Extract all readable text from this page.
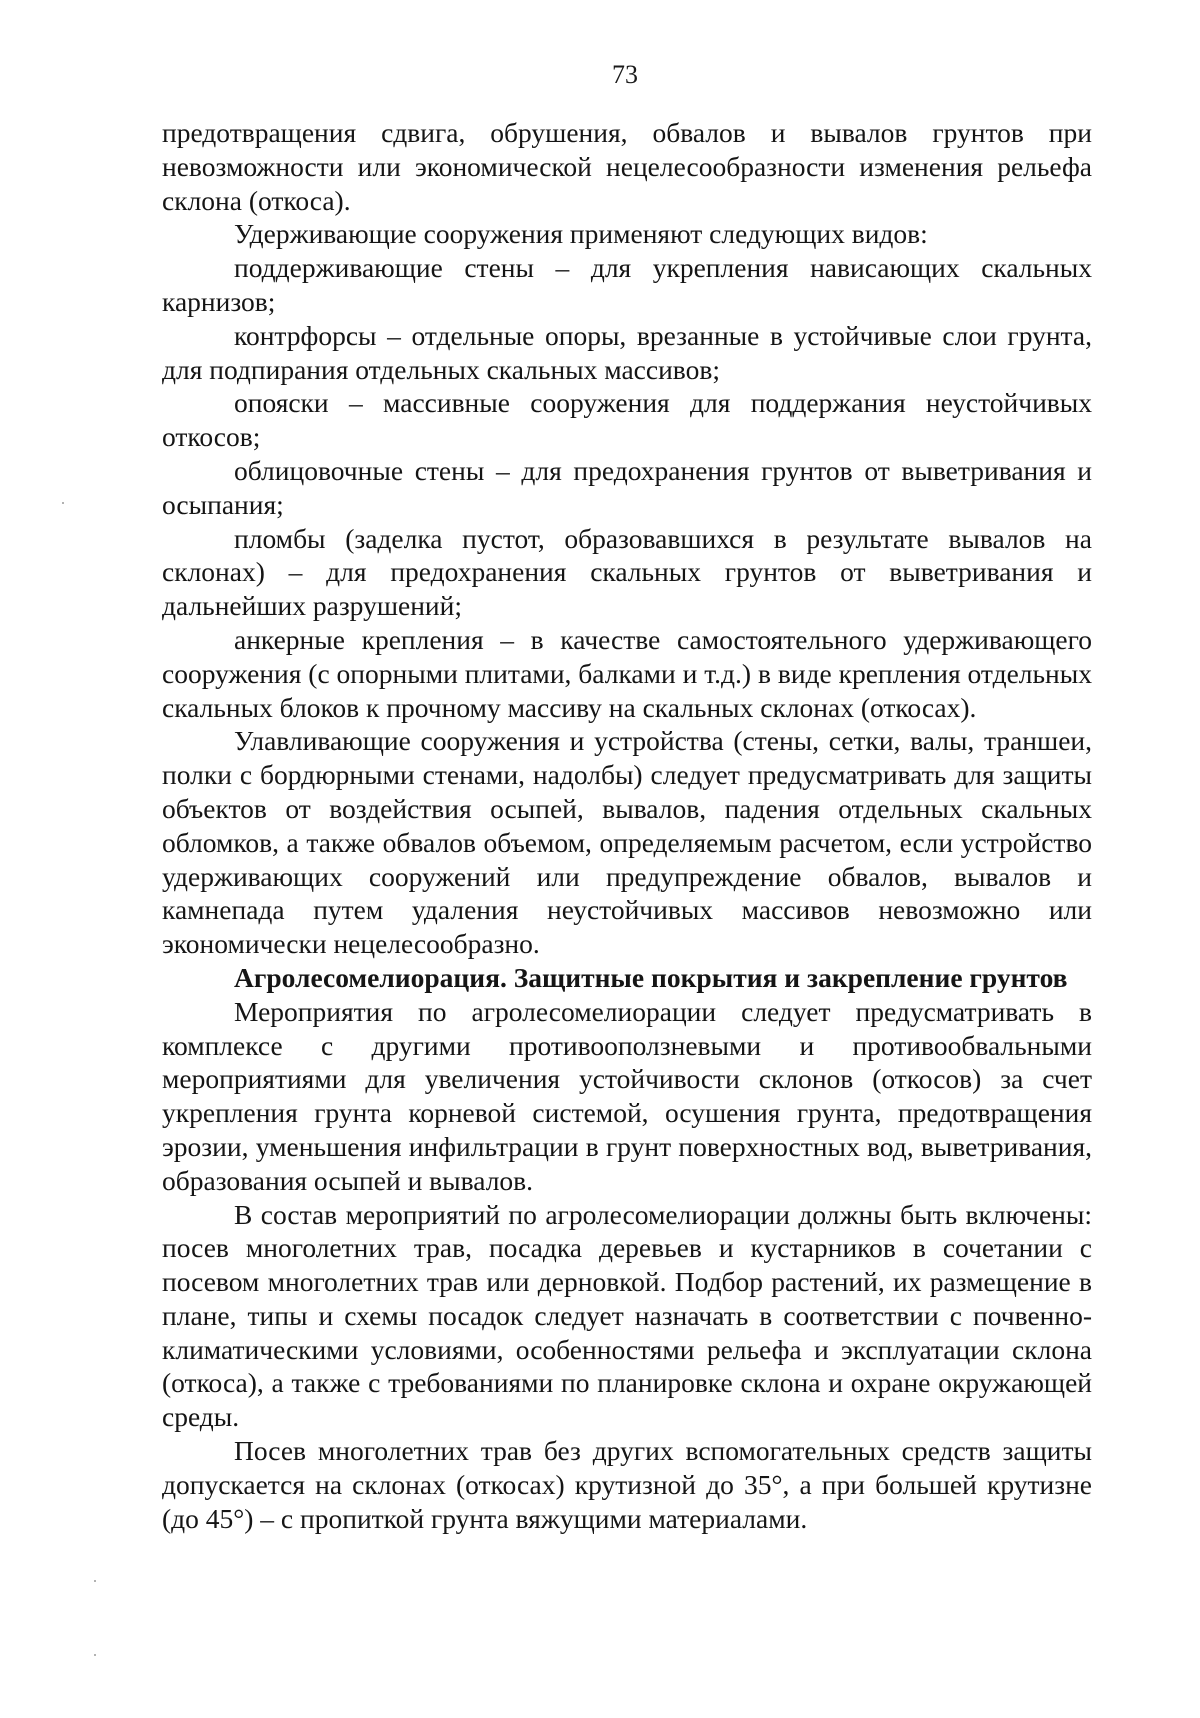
73

предотвращения сдвига, обрушения, обвалов и вывалов грунтов при невозможности или экономической нецелесообразности изменения рельефа склона (откоса).

Удерживающие сооружения применяют следующих видов:

поддерживающие стены – для укрепления нависающих скальных карнизов;

контрфорсы – отдельные опоры, врезанные в устойчивые слои грунта, для подпирания отдельных скальных массивов;

опояски – массивные сооружения для поддержания неустойчивых откосов;

облицовочные стены – для предохранения грунтов от выветривания и осыпания;

пломбы (заделка пустот, образовавшихся в результате вывалов на склонах) – для предохранения скальных грунтов от выветривания и дальнейших разрушений;

анкерные крепления – в качестве самостоятельного удерживающего сооружения (с опорными плитами, балками и т.д.) в виде крепления отдельных скальных блоков к прочному массиву на скальных склонах (откосах).

Улавливающие сооружения и устройства (стены, сетки, валы, траншеи, полки с бордюрными стенами, надолбы) следует предусматривать для защиты объектов от воздействия осыпей, вывалов, падения отдельных скальных обломков, а также обвалов объемом, определяемым расчетом, если устройство удерживающих сооружений или предупреждение обвалов, вывалов и камнепада путем удаления неустойчивых массивов невозможно или экономически нецелесообразно.

Агролесомелиорация. Защитные покрытия и закрепление грунтов

Мероприятия по агролесомелиорации следует предусматривать в комплексе с другими противооползневыми и противообвальными мероприятиями для увеличения устойчивости склонов (откосов) за счет укрепления грунта корневой системой, осушения грунта, предотвращения эрозии, уменьшения инфильтрации в грунт поверхностных вод, выветривания, образования осыпей и вывалов.

В состав мероприятий по агролесомелиорации должны быть включены: посев многолетних трав, посадка деревьев и кустарников в сочетании с посевом многолетних трав или дерновкой. Подбор растений, их размещение в плане, типы и схемы посадок следует назначать в соответствии с почвенно-климатическими условиями, особенностями рельефа и эксплуатации склона (откоса), а также с требованиями по планировке склона и охране окружающей среды.

Посев многолетних трав без других вспомогательных средств защиты допускается на склонах (откосах) крутизной до 35°, а при большей крутизне (до 45°) – с пропиткой грунта вяжущими материалами.
